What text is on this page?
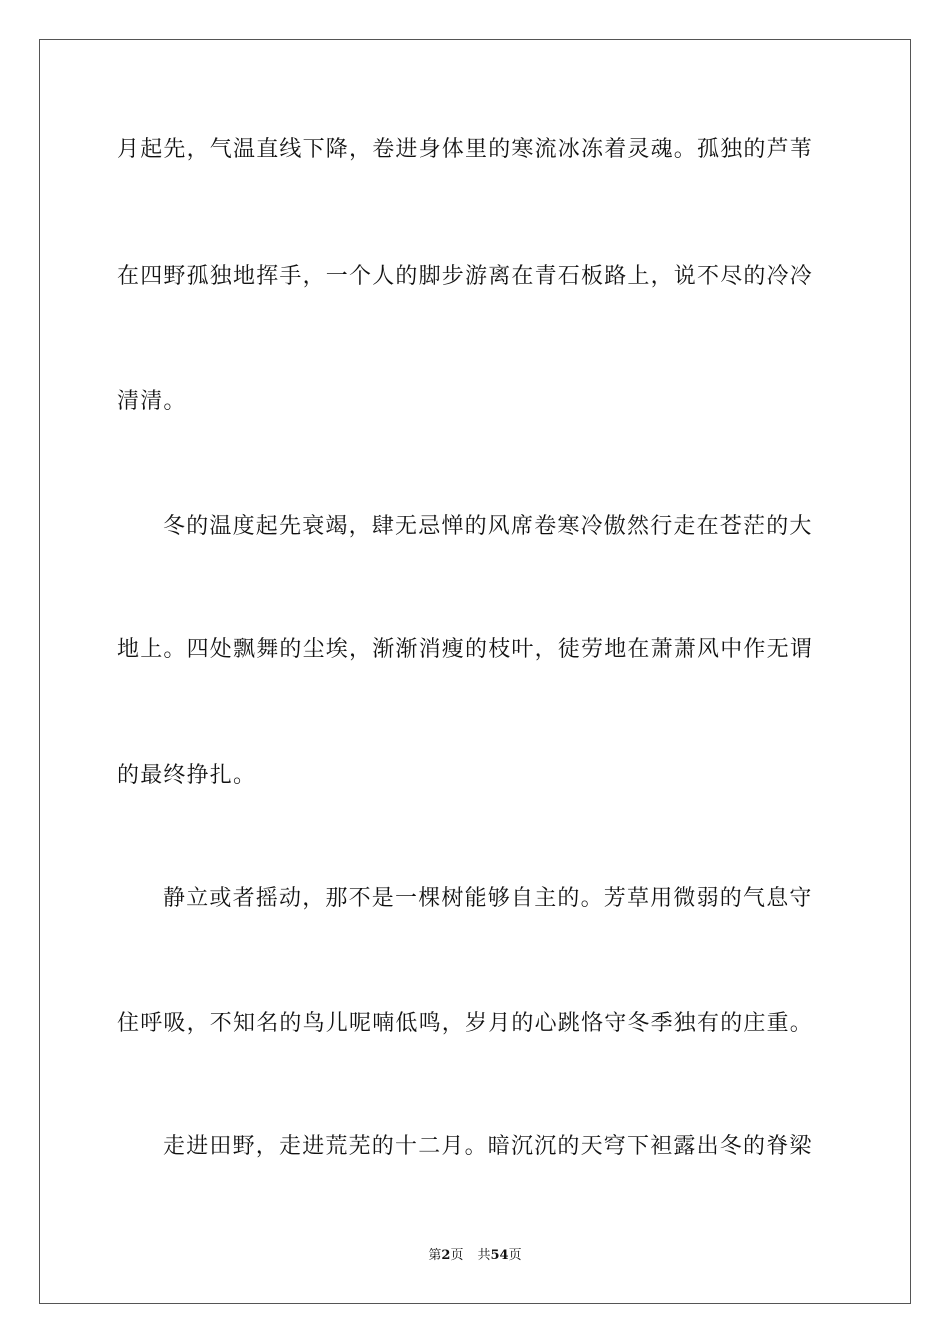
月起先，气温直线下降，卷进身体里的寒流冰冻着灵魂。孤独的芦苇
在四野孤独地挥手，一个人的脚步游离在青石板路上，说不尽的冷冷
清清。
冬的温度起先衰竭，肆无忌惮的风席卷寒冷傲然行走在苍茫的大
地上。四处飘舞的尘埃，渐渐消瘦的枝叶，徒劳地在萧萧风中作无谓
的最终挣扎。
静立或者摇动，那不是一棵树能够自主的。芳草用微弱的气息守
住呼吸，不知名的鸟儿呢喃低鸣，岁月的心跳恪守冬季独有的庄重。
走进田野，走进荒芜的十二月。暗沉沉的天穹下袒露出冬的脊梁
第2页 共54页
